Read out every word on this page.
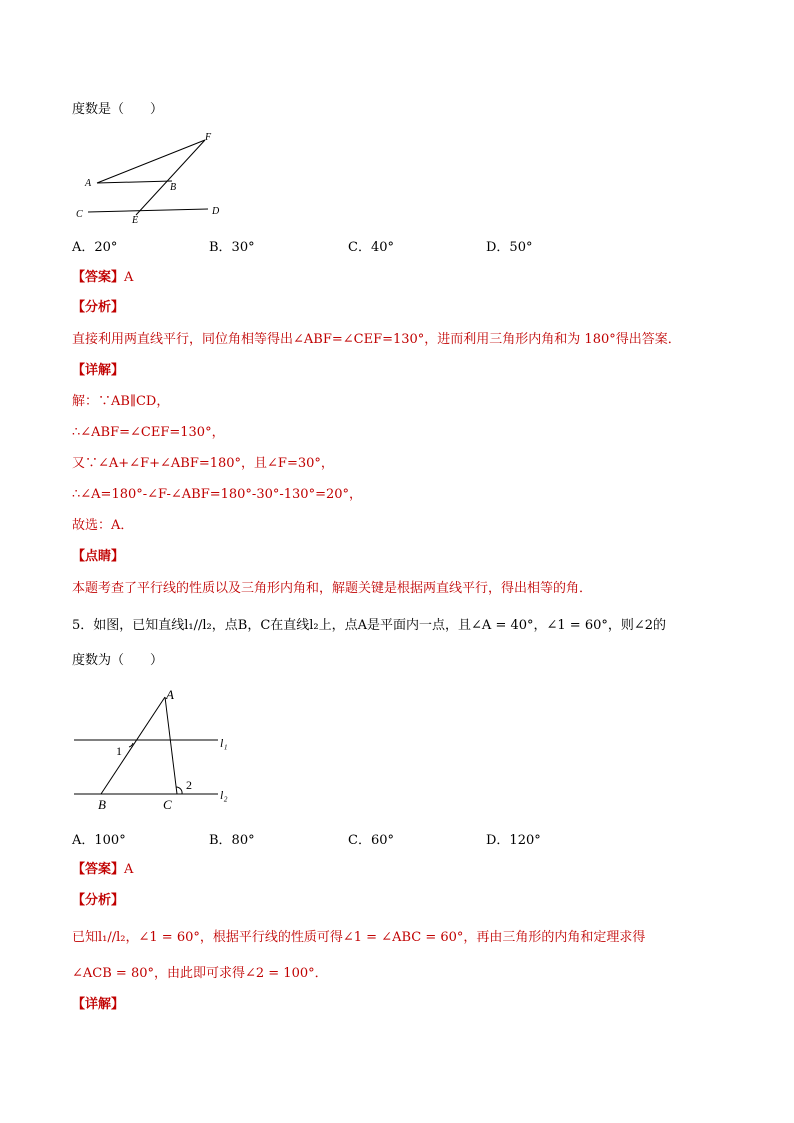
度数是（　　）
F
A	B
C
E
D
A．20°	B．30°	C．40°	D．50°
【答案】A
【分析】
直接利用两直线平行，同位角相等得出∠ABF=∠CEF=130°，进而利用三角形内角和为 180°得出答案．
【详解】
解：∵AB∥CD，
∴∠ABF=∠CEF=130°，
又∵∠A+∠F+∠ABF=180°，且∠F=30°，
∴∠A=180°-∠F-∠ABF=180°-30°-130°=20°，
故选：A．
【点睛】
本题考查了平行线的性质以及三角形内角和，解题关键是根据两直线平行，得出相等的角．
5．如图，已知直线l₁//l₂，点B，C在直线l₂上，点A是平面内一点，且∠A = 40°，∠1 = 60°，则∠2的
度数为（　　）
A
1
l₁
2
l₂
B	C
A．100°	B．80°	C．60°	D．120°
【答案】A
【分析】
已知l₁//l₂，∠1 = 60°，根据平行线的性质可得∠1 = ∠ABC = 60°，再由三角形的内角和定理求得
∠ACB = 80°，由此即可求得∠2 = 100°．
【详解】
